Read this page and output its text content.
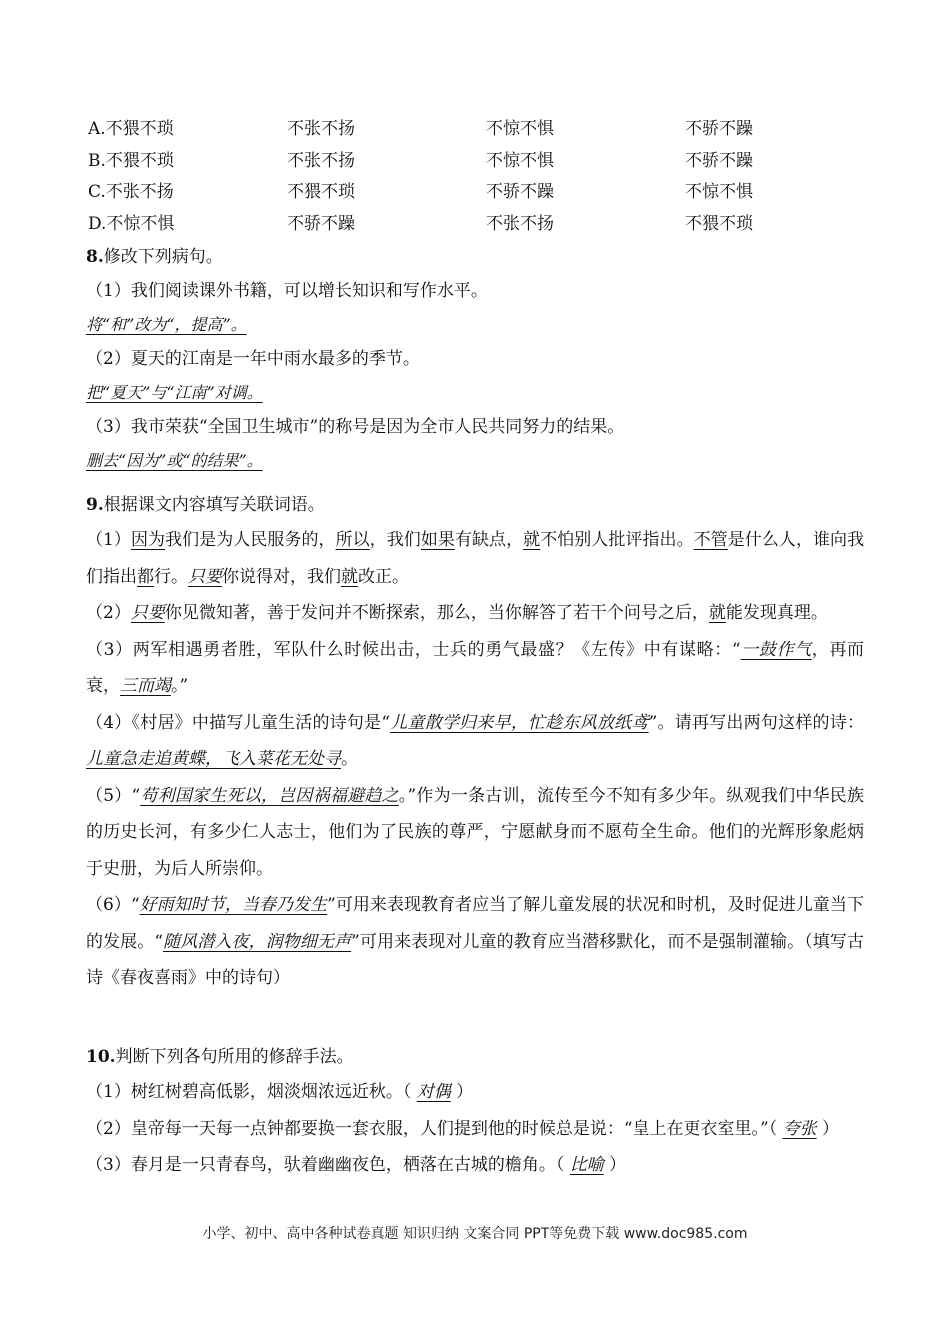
A.不猥不琐	不张不扬	不惊不惧	不骄不躁
B.不猥不琐	不张不扬	不惊不惧	不骄不躁
C.不张不扬	不猥不琐	不骄不躁	不惊不惧
D.不惊不惧	不骄不躁	不张不扬	不猥不琐
8.修改下列病句。
（1）我们阅读课外书籍，可以增长知识和写作水平。
将“和”改为“，提高”。
（2）夏天的江南是一年中雨水最多的季节。
把“夏天”与“江南”对调。
（3）我市荣获“全国卫生城市”的称号是因为全市人民共同努力的结果。
删去“因为”或“的结果”。
9.根据课文内容填写关联词语。
（1）因为我们是为人民服务的，所以，我们如果有缺点，就不怕别人批评指出。不管是什么人，谁向我们指出都行。只要你说得对，我们就改正。
（2）只要你见微知著，善于发问并不断探索，那么，当你解答了若干个问号之后，就能发现真理。
（3）两军相遇勇者胜，军队什么时候出击，士兵的勇气最盛？《左传》中有谋略：“一鼓作气，再而衰，三而竭。”
（4）《村居》中描写儿童生活的诗句是“儿童散学归来早，忙趁东风放纸鸢”。请再写出两句这样的诗：儿童急走追黄蝶，飞入菜花无处寻。
（5）“苟利国家生死以，岂因祸福避趋之。”作为一条古训，流传至今不知有多少年。纵观我们中华民族的历史长河，有多少仁人志士，他们为了民族的尊严，宁愿献身而不愿苟全生命。他们的光辉形象彪炳于史册，为后人所崇仰。
（6）“好雨知时节，当春乃发生”可用来表现教育者应当了解儿童发展的状况和时机，及时促进儿童当下的发展。“随风潜入夜，润物细无声”可用来表现对儿童的教育应当潜移默化，而不是强制灌输。（填写古诗《春夜喜雨》中的诗句）
10.判断下列各句所用的修辞手法。
（1）树红树碧高低影，烟淡烟浓远近秋。（ 对偶 ）
（2）皇帝每一天每一点钟都要换一套衣服，人们提到他的时候总是说：“皇上在更衣室里。”（ 夸张 ）
（3）春月是一只青春鸟，驮着幽幽夜色，栖落在古城的檐角。（ 比喻 ）
小学、初中、高中各种试卷真题 知识归纳 文案合同 PPT等免费下载 www.doc985.com
